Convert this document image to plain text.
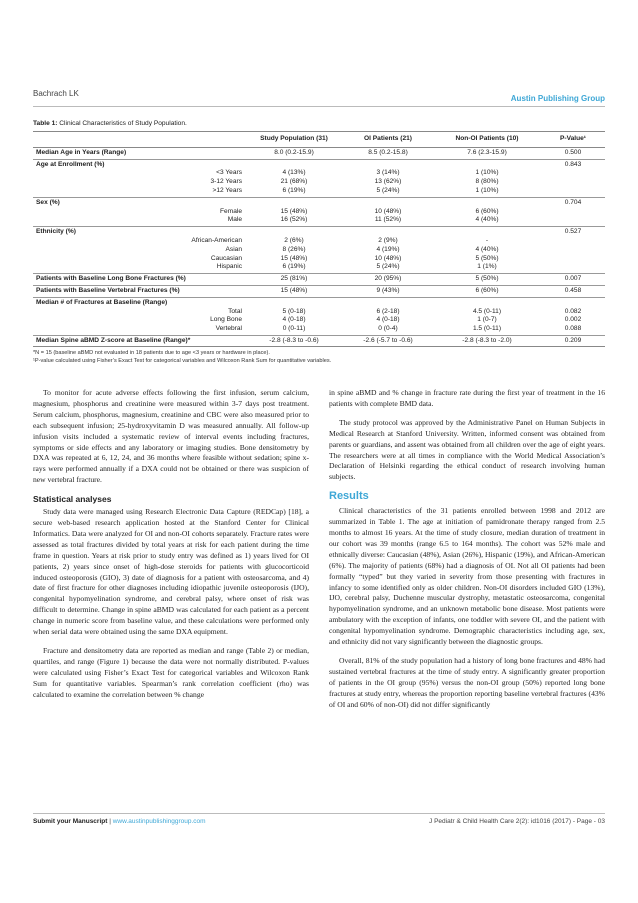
Bachrach LK
Austin Publishing Group
Table 1: Clinical Characteristics of Study Population.
	Study Population (31)	OI Patients (21)	Non-OI Patients (10)	P-Value¹
Median Age in Years (Range)	8.0 (0.2-15.9)	8.5 (0.2-15.8)	7.6 (2.3-15.9)	0.500
Age at Enrollment (%)				0.843
<3 Years	4 (13%)	3 (14%)	1 (10%)	
3-12 Years	21 (68%)	13 (62%)	8 (80%)	
>12 Years	6 (19%)	5 (24%)	1 (10%)	
Sex (%)				0.704
Female	15 (48%)	10 (48%)	6 (60%)	
Male	16 (52%)	11 (52%)	4 (40%)	
Ethnicity (%)				0.527
African-American	2 (6%)	2 (9%)	-	
Asian	8 (26%)	4 (19%)	4 (40%)	
Caucasian	15 (48%)	10 (48%)	5 (50%)	
Hispanic	6 (19%)	5 (24%)	1 (1%)	
Patients with Baseline Long Bone Fractures (%)	25 (81%)	20 (95%)	5 (50%)	0.007
Patients with Baseline Vertebral Fractures (%)	15 (48%)	9 (43%)	6 (60%)	0.458
Median # of Fractures at Baseline (Range)				
Total	5 (0-18)	6 (2-18)	4.5 (0-11)	0.082
Long Bone	4 (0-18)	4 (0-18)	1 (0-7)	0.002
Vertebral	0 (0-11)	0 (0-4)	1.5 (0-11)	0.088
Median Spine aBMD Z-score at Baseline (Range)*	-2.8 (-8.3 to -0.6)	-2.6 (-5.7 to -0.6)	-2.8 (-8.3 to -2.0)	0.209
*N = 15 (baseline aBMD not evaluated in 18 patients due to age <3 years or hardware in place).
¹P-value calculated using Fisher’s Exact Test for categorical variables and Wilcoxon Rank Sum for quantitative variables.

To monitor for acute adverse effects following the first infusion, serum calcium, magnesium, phosphorus and creatinine were measured within 3-7 days post treatment. Serum calcium, phosphorus, magnesium, creatinine and CBC were also measured prior to each subsequent infusion; 25-hydroxyvitamin D was measured annually. All follow-up infusion visits included a systematic review of interval events including fractures, symptoms or side effects and any laboratory or imaging studies. Bone densitometry by DXA was repeated at 6, 12, 24, and 36 months where feasible without sedation; spine x-rays were performed annually if a DXA could not be obtained or there was suspicion of new vertebral fracture.

Statistical analyses

Study data were managed using Research Electronic Data Capture (REDCap) [18], a secure web-based research application hosted at the Stanford Center for Clinical Informatics. Data were analyzed for OI and non-OI cohorts separately. Fracture rates were assessed as total fractures divided by total years at risk for each patient during the time frame in question. Years at risk prior to study entry was defined as 1) years lived for OI patients, 2) years since onset of high-dose steroids for patients with glucocorticoid induced osteoporosis (GIO), 3) date of diagnosis for a patient with osteosarcoma, and 4) date of first fracture for other diagnoses including idiopathic juvenile osteoporosis (IJO), congenital hypomyelination syndrome, and cerebral palsy, where onset of risk was difficult to determine. Change in spine aBMD was calculated for each patient as a percent change in numeric score from baseline value, and these calculations were performed only when serial data were obtained using the same DXA equipment.

Fracture and densitometry data are reported as median and range (Table 2) or median, quartiles, and range (Figure 1) because the data were not normally distributed. P-values were calculated using Fisher’s Exact Test for categorical variables and Wilcoxon Rank Sum for quantitative variables. Spearman’s rank correlation coefficient (rho) was calculated to examine the correlation between % change

in spine aBMD and % change in fracture rate during the first year of treatment in the 16 patients with complete BMD data.

The study protocol was approved by the Administrative Panel on Human Subjects in Medical Research at Stanford University. Written, informed consent was obtained from parents or guardians, and assent was obtained from all children over the age of eight years. The researchers were at all times in compliance with the World Medical Association’s Declaration of Helsinki regarding the ethical conduct of research involving human subjects.

Results

Clinical characteristics of the 31 patients enrolled between 1998 and 2012 are summarized in Table 1. The age at initiation of pamidronate therapy ranged from 2.5 months to almost 16 years. At the time of study closure, median duration of treatment in our cohort was 39 months (range 6.5 to 164 months). The cohort was 52% male and ethnically diverse: Caucasian (48%), Asian (26%), Hispanic (19%), and African-American (6%). The majority of patients (68%) had a diagnosis of OI. Not all OI patients had been formally “typed” but they varied in severity from those presenting with fractures in infancy to some identified only as older children. Non-OI disorders included GIO (13%), IJO, cerebral palsy, Duchenne muscular dystrophy, metastatic osteosarcoma, congenital hypomyelination syndrome, and an unknown metabolic bone disease. Most patients were ambulatory with the exception of infants, one toddler with severe OI, and the patient with congenital hypomyelination syndrome. Demographic characteristics including age, sex, and ethnicity did not vary significantly between the diagnostic groups.

Overall, 81% of the study population had a history of long bone fractures and 48% had sustained vertebral fractures at the time of study entry. A significantly greater proportion of patients in the OI group (95%) versus the non-OI group (50%) reported long bone fractures at study entry, whereas the proportion reporting baseline vertebral fractures (43% of OI and 60% of non-OI) did not differ significantly

Submit your Manuscript | www.austinpublishinggroup.com	J Pediatr & Child Health Care 2(2): id1016 (2017) - Page - 03
